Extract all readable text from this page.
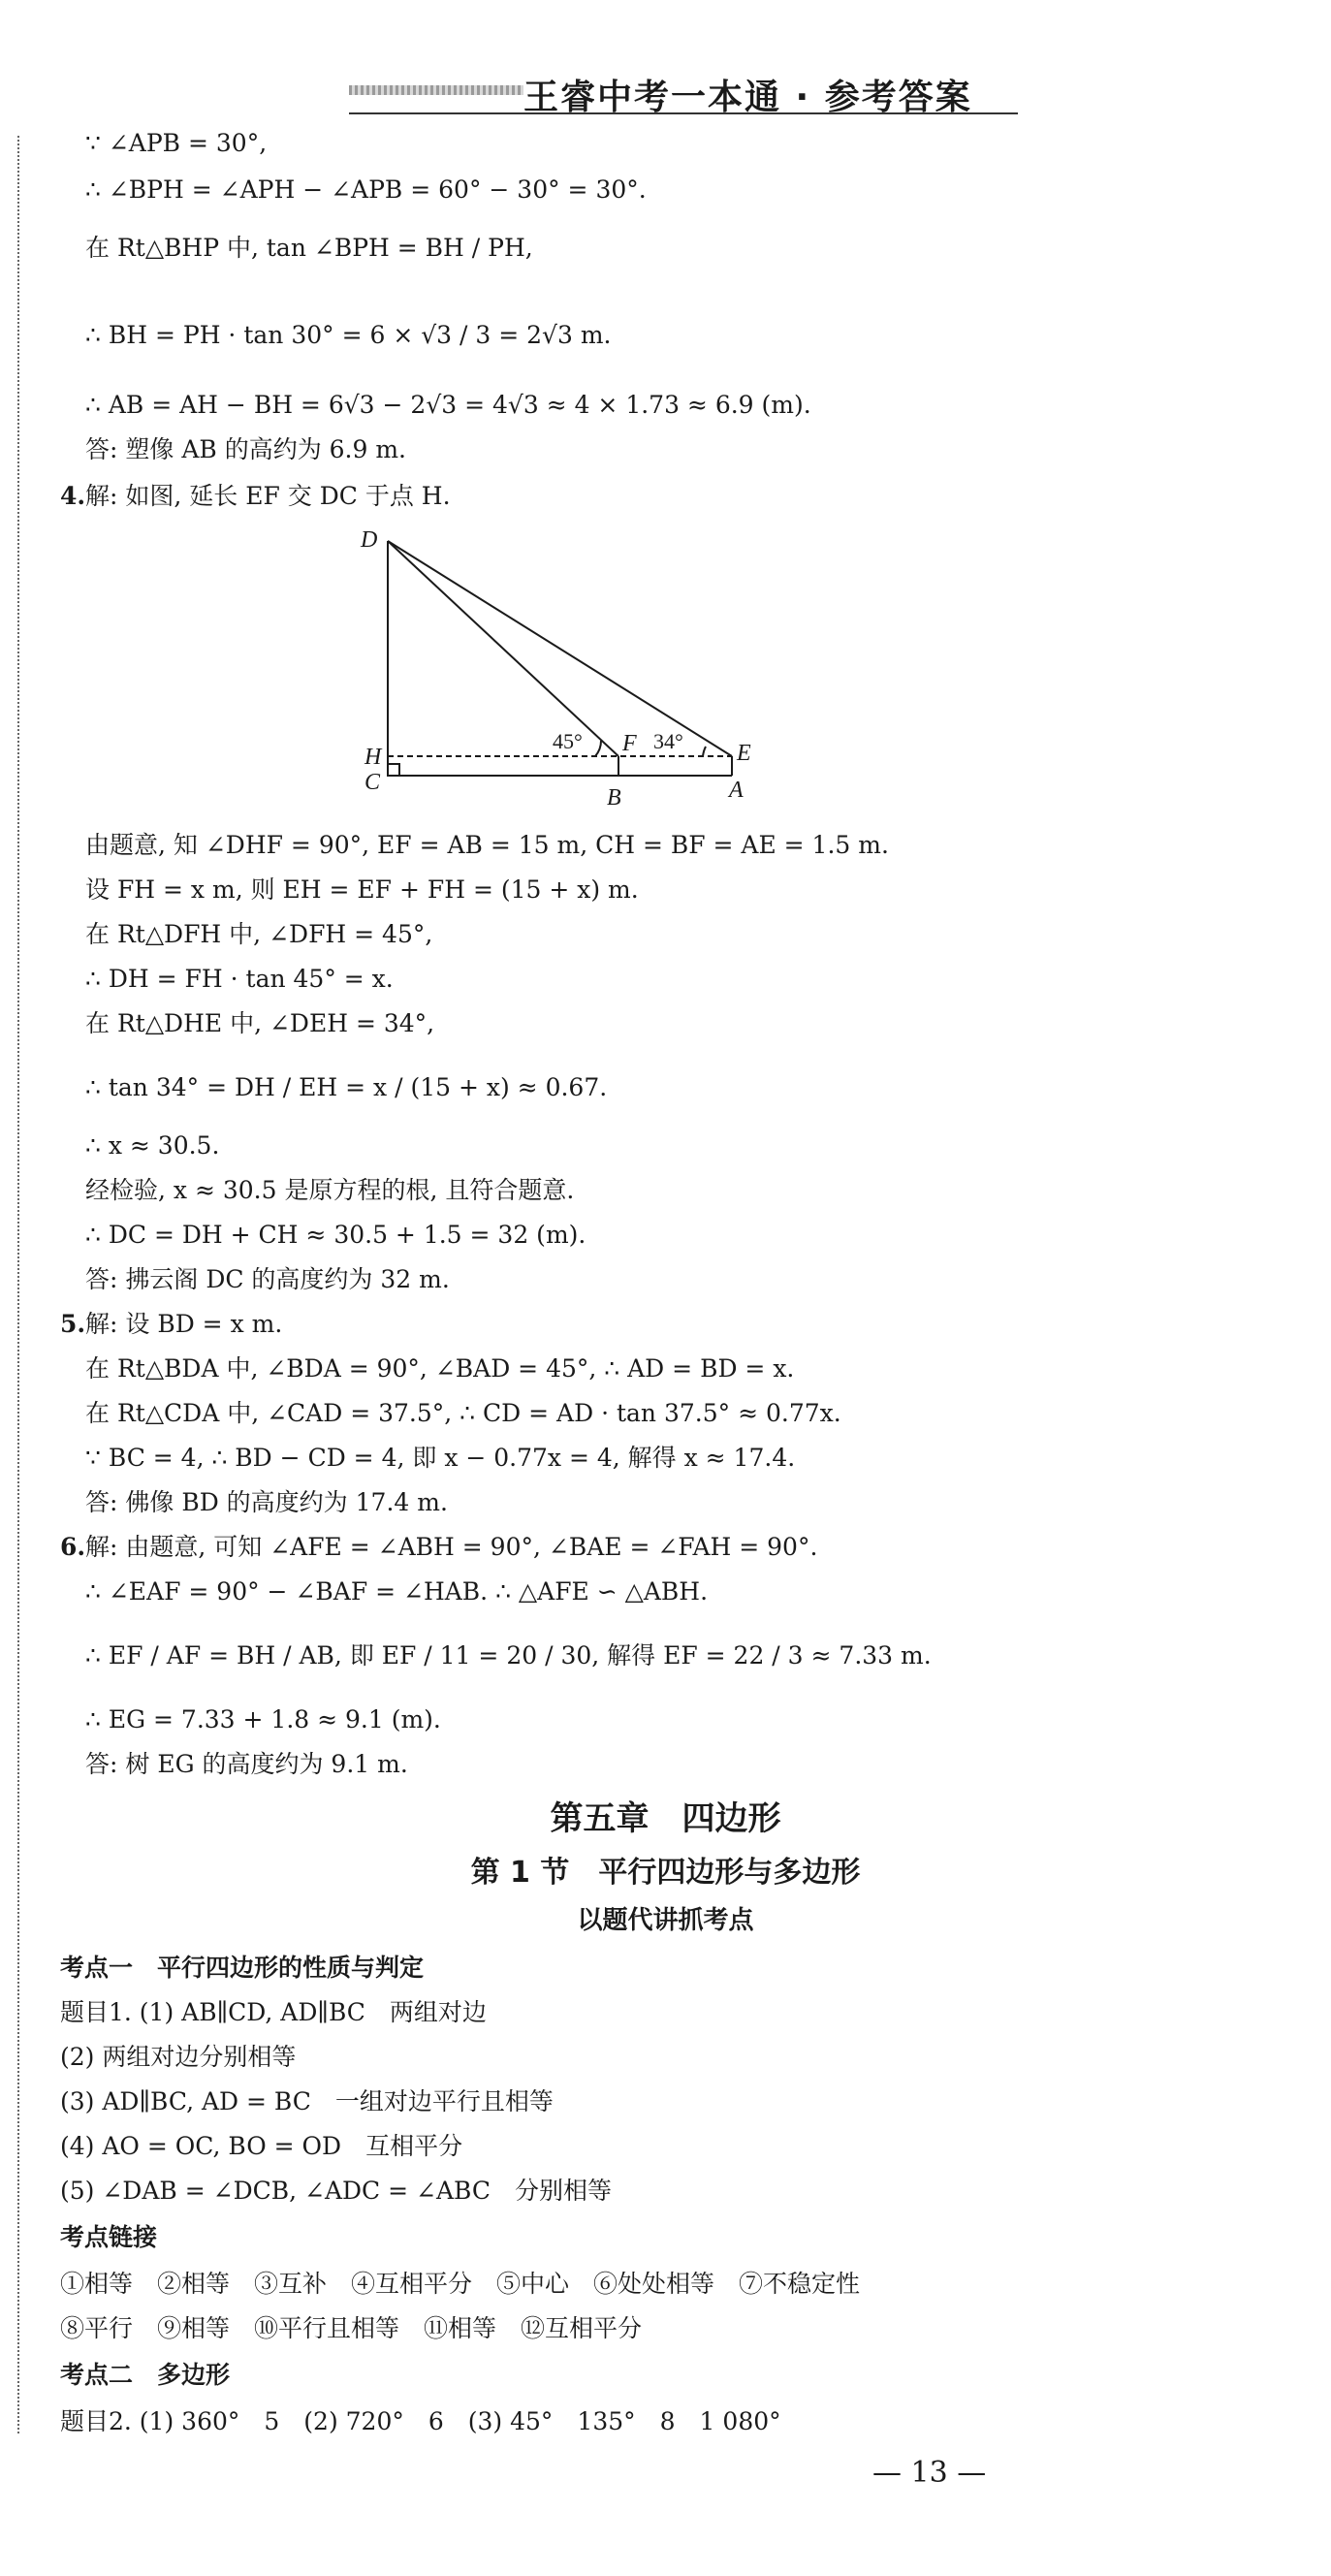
王睿中考一本通 · 参考答案
∵ ∠APB = 30°,
∴ ∠BPH = ∠APH − ∠APB = 60° − 30° = 30°.
在 Rt△BHP 中, tan ∠BPH = BH / PH,
∴ BH = PH · tan 30° = 6 × √3 / 3 = 2√3 m.
∴ AB = AH − BH = 6√3 − 2√3 = 4√3 ≈ 4 × 1.73 ≈ 6.9 (m).
答: 塑像 AB 的高约为 6.9 m.
4. 解: 如图, 延长 EF 交 DC 于点 H.
D
H
C
B
F
A
E
45°	34°
由题意, 知 ∠DHF = 90°, EF = AB = 15 m, CH = BF = AE = 1.5 m.
设 FH = x m, 则 EH = EF + FH = (15 + x) m.
在 Rt△DFH 中, ∠DFH = 45°,
∴ DH = FH · tan 45° = x.
在 Rt△DHE 中, ∠DEH = 34°,
∴ tan 34° = DH / EH = x / (15 + x) ≈ 0.67.
∴ x ≈ 30.5.
经检验, x ≈ 30.5 是原方程的根, 且符合题意.
∴ DC = DH + CH ≈ 30.5 + 1.5 = 32 (m).
答: 拂云阁 DC 的高度约为 32 m.
5. 解: 设 BD = x m.
在 Rt△BDA 中, ∠BDA = 90°, ∠BAD = 45°, ∴ AD = BD = x.
在 Rt△CDA 中, ∠CAD = 37.5°, ∴ CD = AD · tan 37.5° ≈ 0.77x.
∵ BC = 4, ∴ BD − CD = 4, 即 x − 0.77x = 4, 解得 x ≈ 17.4.
答: 佛像 BD 的高度约为 17.4 m.
6. 解: 由题意, 可知 ∠AFE = ∠ABH = 90°, ∠BAE = ∠FAH = 90°.
∴ ∠EAF = 90° − ∠BAF = ∠HAB. ∴ △AFE ∽ △ABH.
∴ EF / AF = BH / AB, 即 EF / 11 = 20 / 30, 解得 EF = 22 / 3 ≈ 7.33 m.
∴ EG = 7.33 + 1.8 ≈ 9.1 (m).
答: 树 EG 的高度约为 9.1 m.
第五章　四边形
第 1 节　平行四边形与多边形
以题代讲抓考点
考点一　平行四边形的性质与判定
题目1. (1) AB∥CD, AD∥BC　两组对边
(2) 两组对边分别相等
(3) AD∥BC, AD = BC　一组对边平行且相等
(4) AO = OC, BO = OD　互相平分
(5) ∠DAB = ∠DCB, ∠ADC = ∠ABC　分别相等
考点链接
①相等　②相等　③互补　④互相平分　⑤中心　⑥处处相等　⑦不稳定性
⑧平行　⑨相等　⑩平行且相等　⑪相等　⑫互相平分
考点二　多边形
题目2. (1) 360°　5　(2) 720°　6　(3) 45°　135°　8　1 080°
— 13 —
